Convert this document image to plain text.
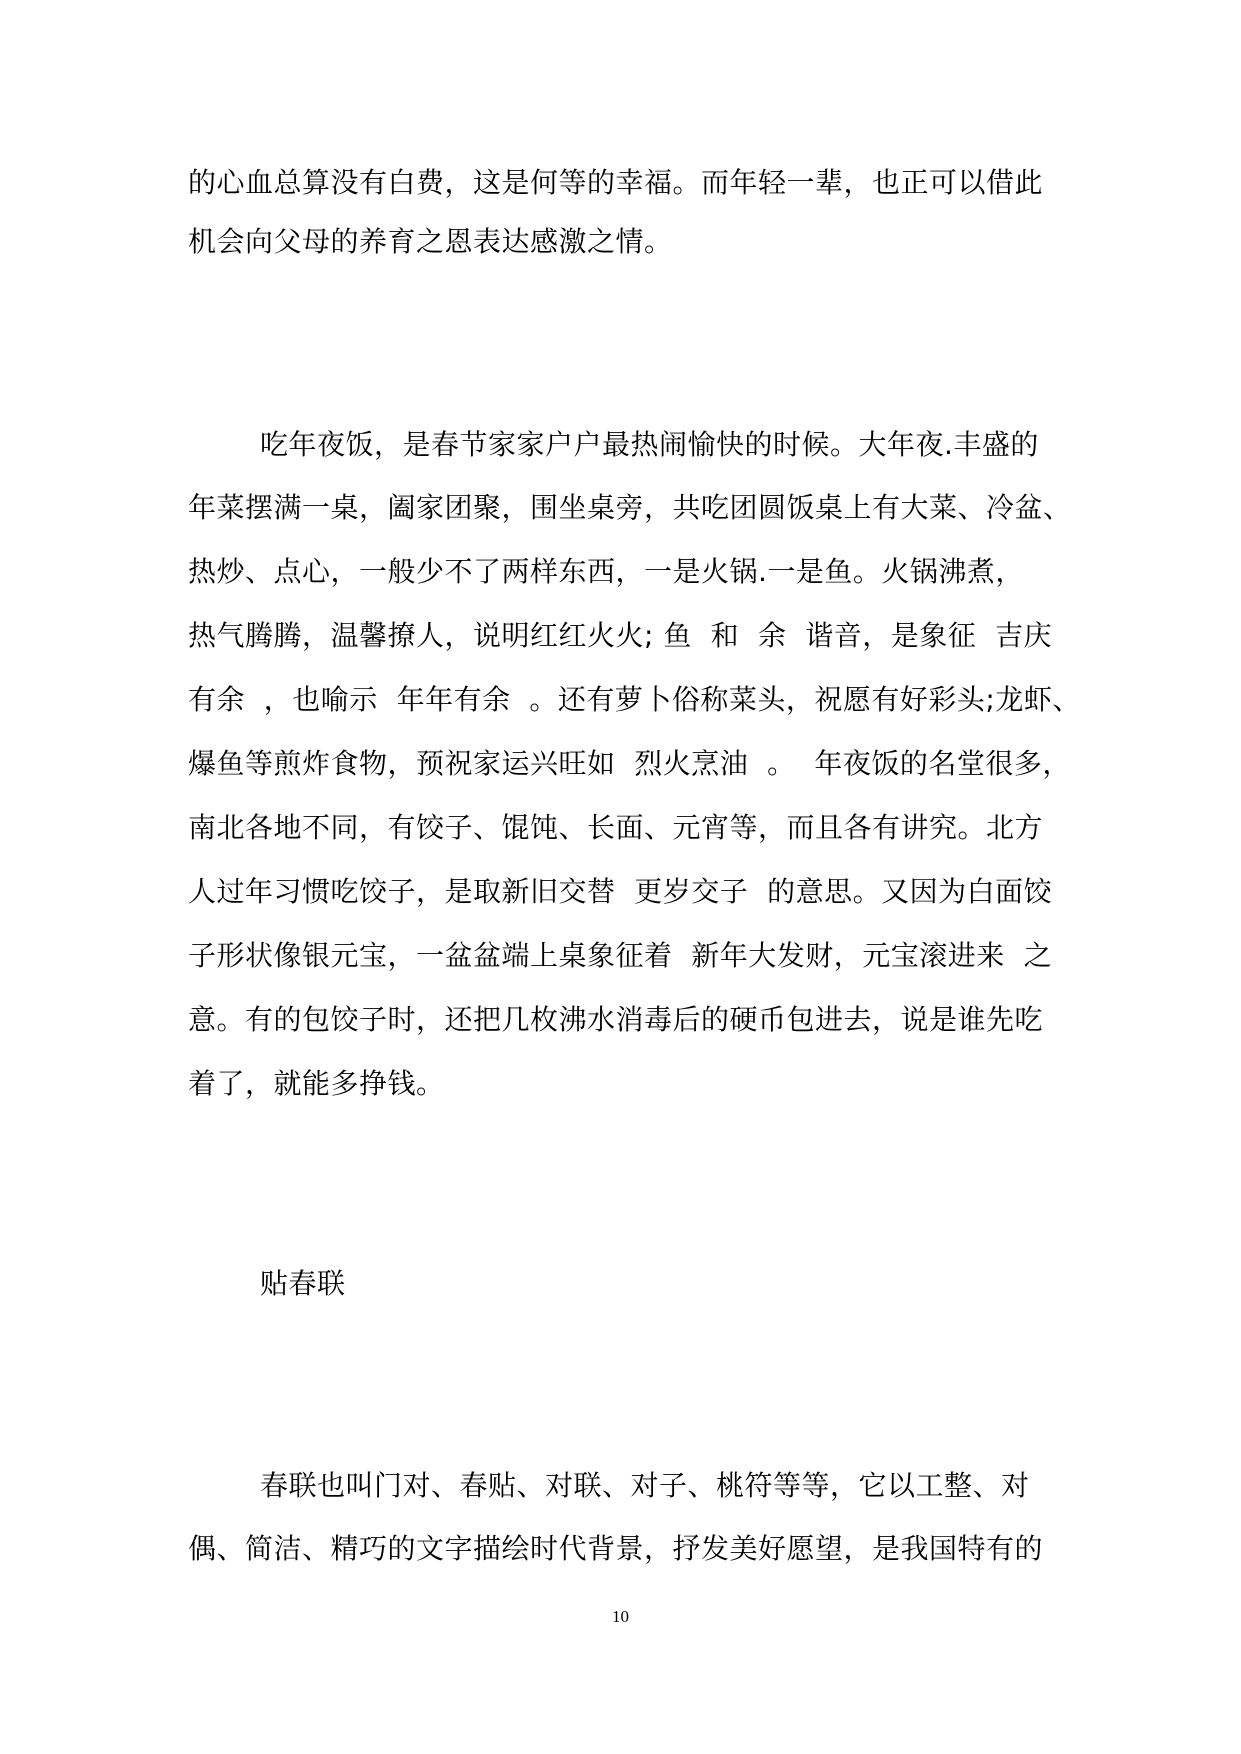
的心血总算没有白费，这是何等的幸福。而年轻一辈，也正可以借此
机会向父母的养育之恩表达感激之情。
吃年夜饭，是春节家家户户最热闹愉快的时候。大年夜.丰盛的
年菜摆满一桌，阖家团聚，围坐桌旁，共吃团圆饭桌上有大菜、冷盆、
热炒、点心，一般少不了两样东西，一是火锅.一是鱼。火锅沸煮，
热气腾腾，温馨撩人，说明红红火火; 鱼  和  余  谐音，是象征  吉庆
有余  ，也喻示  年年有余  。还有萝卜俗称菜头，祝愿有好彩头;龙虾、
爆鱼等煎炸食物，预祝家运兴旺如  烈火烹油  。  年夜饭的名堂很多，
南北各地不同，有饺子、馄饨、长面、元宵等，而且各有讲究。北方
人过年习惯吃饺子，是取新旧交替  更岁交子  的意思。又因为白面饺
子形状像银元宝，一盆盆端上桌象征着  新年大发财，元宝滚进来  之
意。有的包饺子时，还把几枚沸水消毒后的硬币包进去，说是谁先吃
着了，就能多挣钱。
贴春联
春联也叫门对、春贴、对联、对子、桃符等等，它以工整、对
偶、简洁、精巧的文字描绘时代背景，抒发美好愿望，是我国特有的
10
